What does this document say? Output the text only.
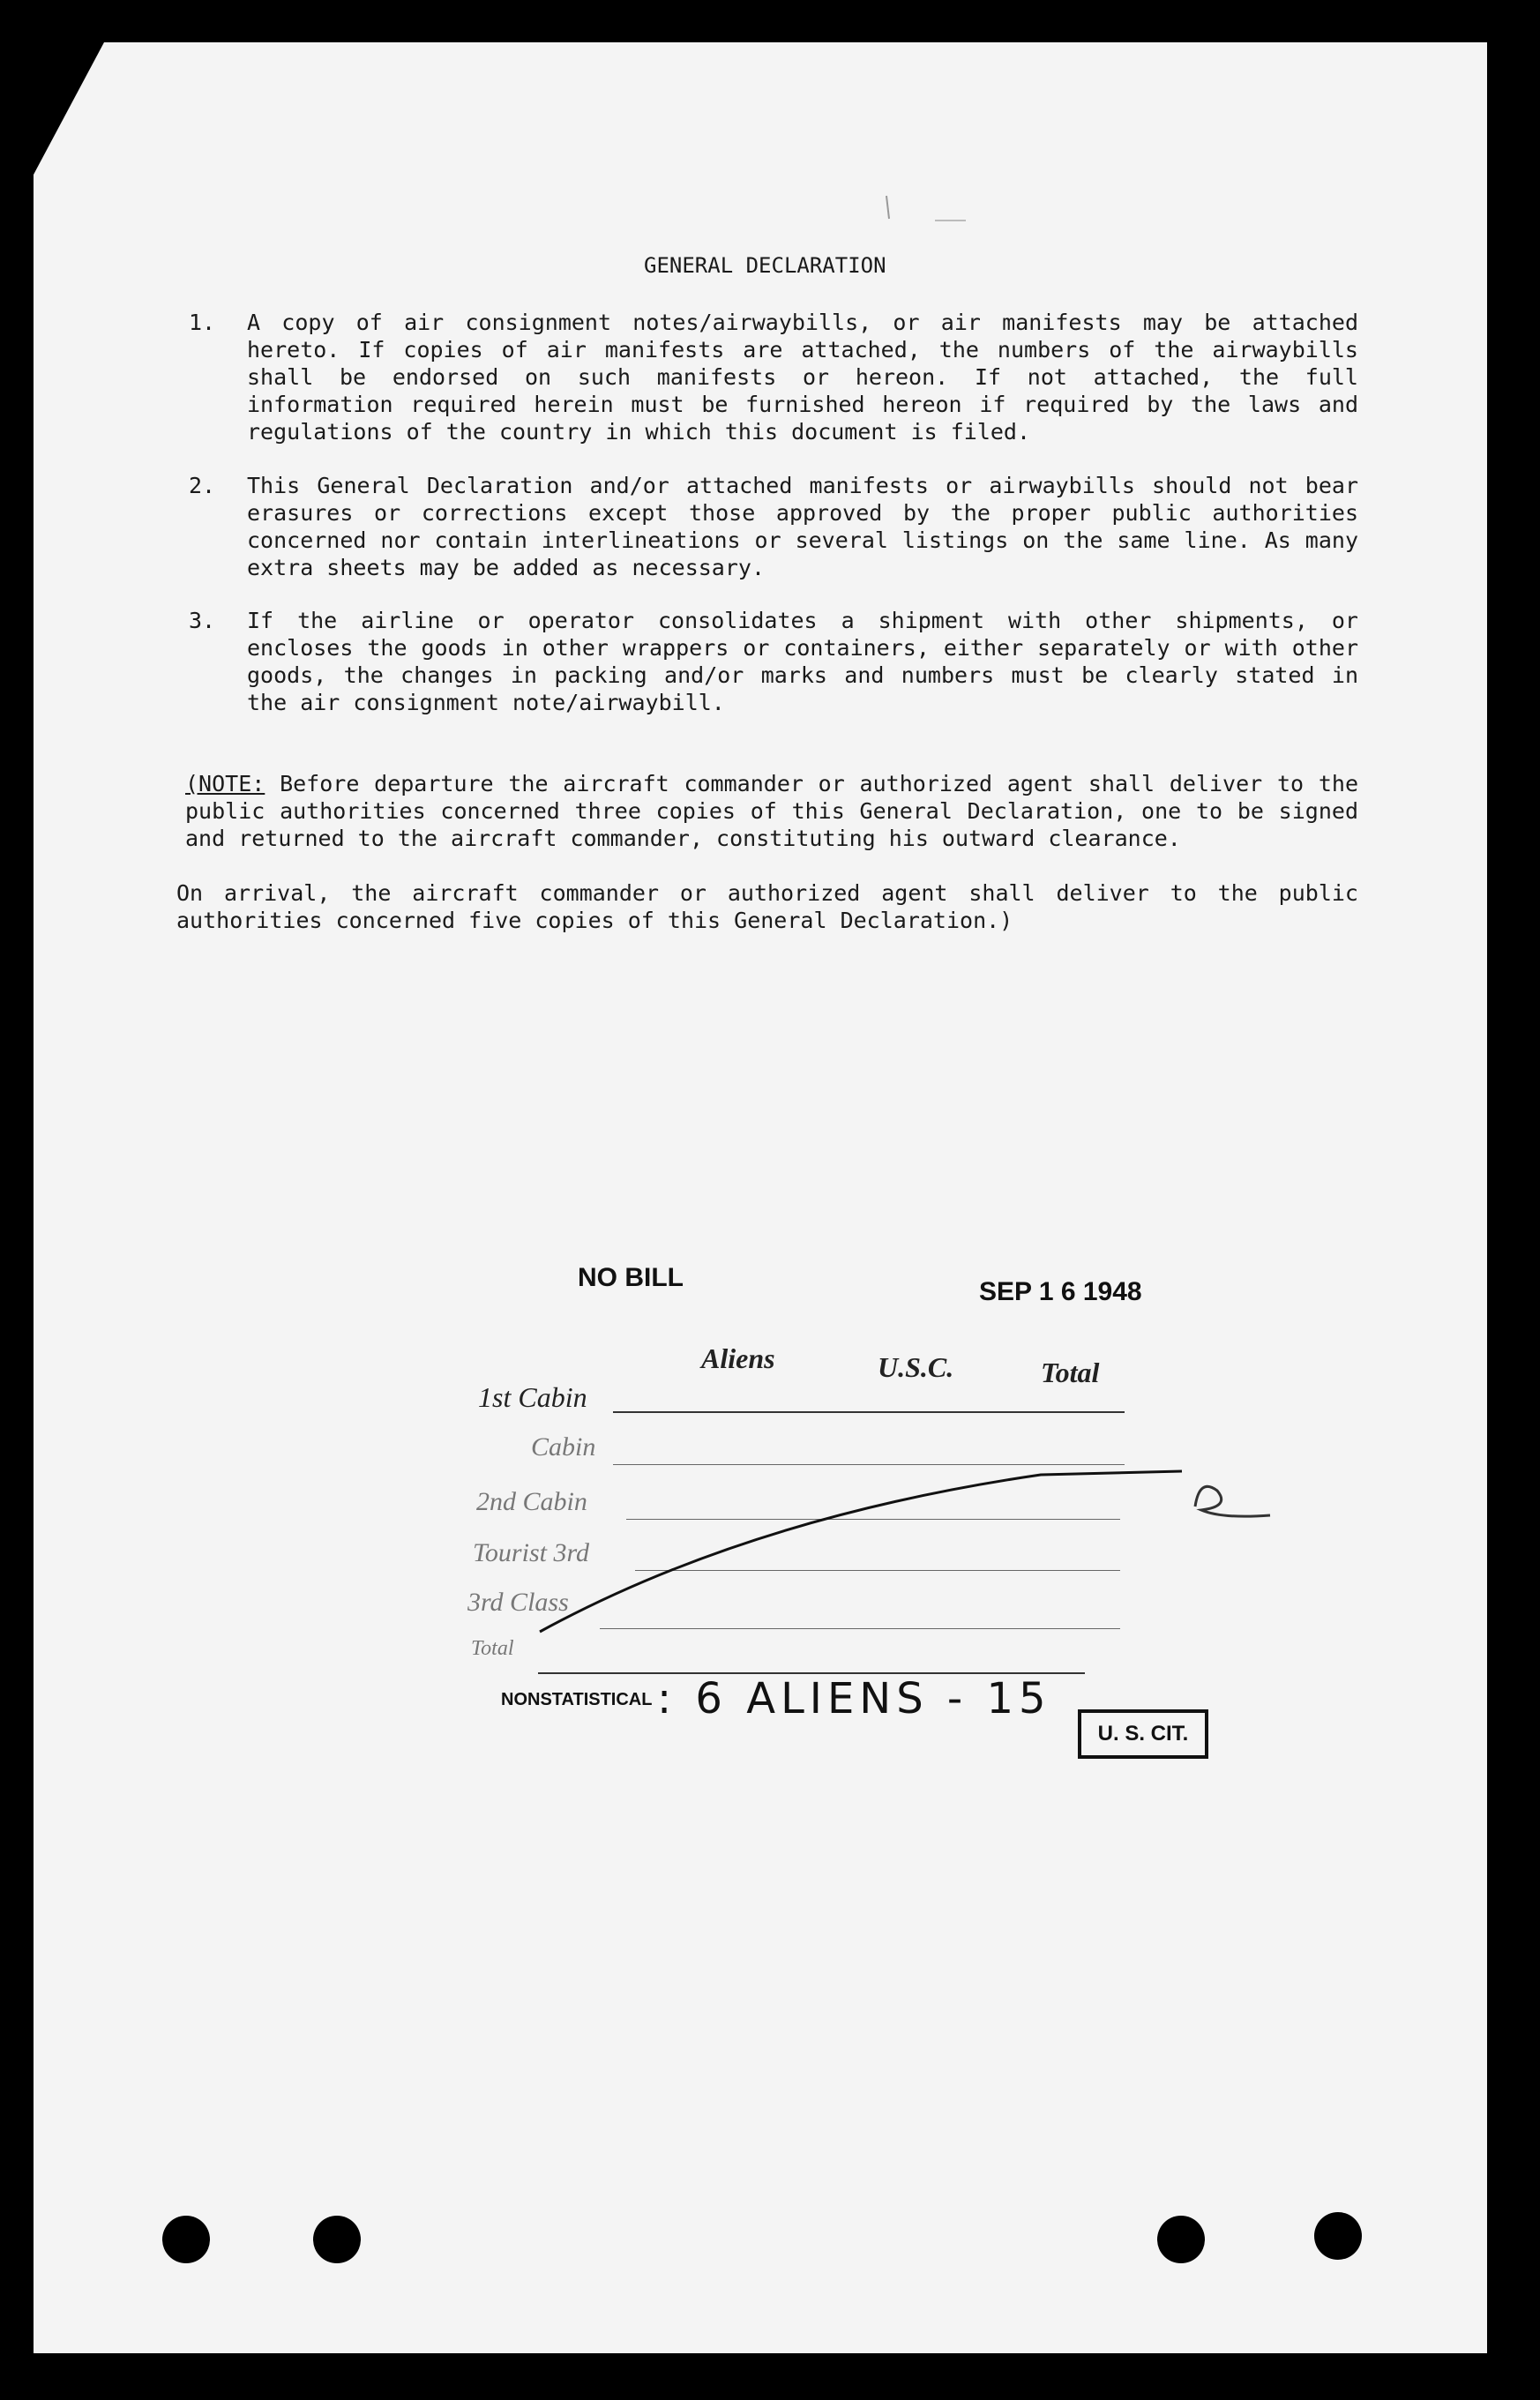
GENERAL DECLARATION
1. A copy of air consignment notes/airwaybills, or air manifests may be attached hereto. If copies of air manifests are attached, the numbers of the airwaybills shall be endorsed on such manifests or hereon. If not attached, the full information required herein must be furnished hereon if required by the laws and regulations of the country in which this document is filed.

2. This General Declaration and/or attached manifests or airwaybills should not bear erasures or corrections except those approved by the proper public authorities concerned nor contain interlineations or several listings on the same line. As many extra sheets may be added as necessary.

3. If the airline or operator consolidates a shipment with other shipments, or encloses the goods in other wrappers or containers, either separately or with other goods, the changes in packing and/or marks and numbers must be clearly stated in the air consignment note/airwaybill.

(NOTE: Before departure the aircraft commander or authorized agent shall deliver to the public authorities concerned three copies of this General Declaration, one to be signed and returned to the aircraft commander, constituting his outward clearance.

On arrival, the aircraft commander or authorized agent shall deliver to the public authorities concerned five copies of this General Declaration.)

NO BILL	SEP 1 6 1948
Aliens	U.S.C.	Total
1st Cabin
Cabin
2nd Cabin
Tourist 3rd
3rd Class
Total
NONSTATISTICAL : 6 ALIENS - 15
U. S. CIT.
